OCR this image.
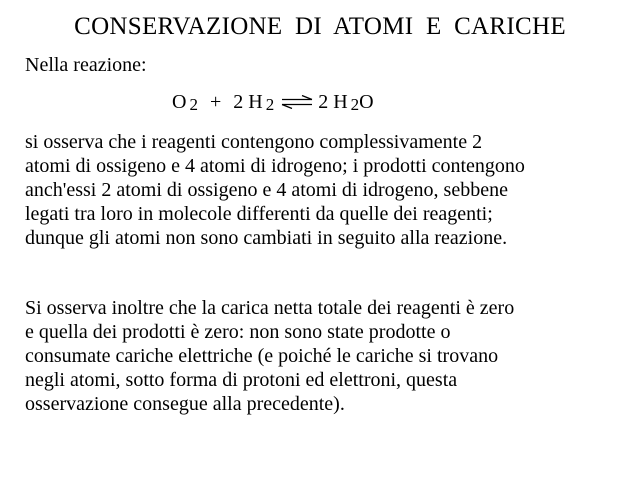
CONSERVAZIONE DI ATOMI E CARICHE
Nella reazione:
O 2 + 2 H 2 ⇌ 2 H 2O
si osserva che i reagenti contengono complessivamente 2
atomi di ossigeno e 4 atomi di idrogeno; i prodotti contengono
anch'essi 2 atomi di ossigeno e 4 atomi di idrogeno, sebbene
legati tra loro in molecole differenti da quelle dei reagenti;
dunque gli atomi non sono cambiati in seguito alla reazione.
Si osserva inoltre che la carica netta totale dei reagenti è zero
e quella dei prodotti è zero: non sono state prodotte o
consumate cariche elettriche (e poiché le cariche si trovano
negli atomi, sotto forma di protoni ed elettroni, questa
osservazione consegue alla precedente).
